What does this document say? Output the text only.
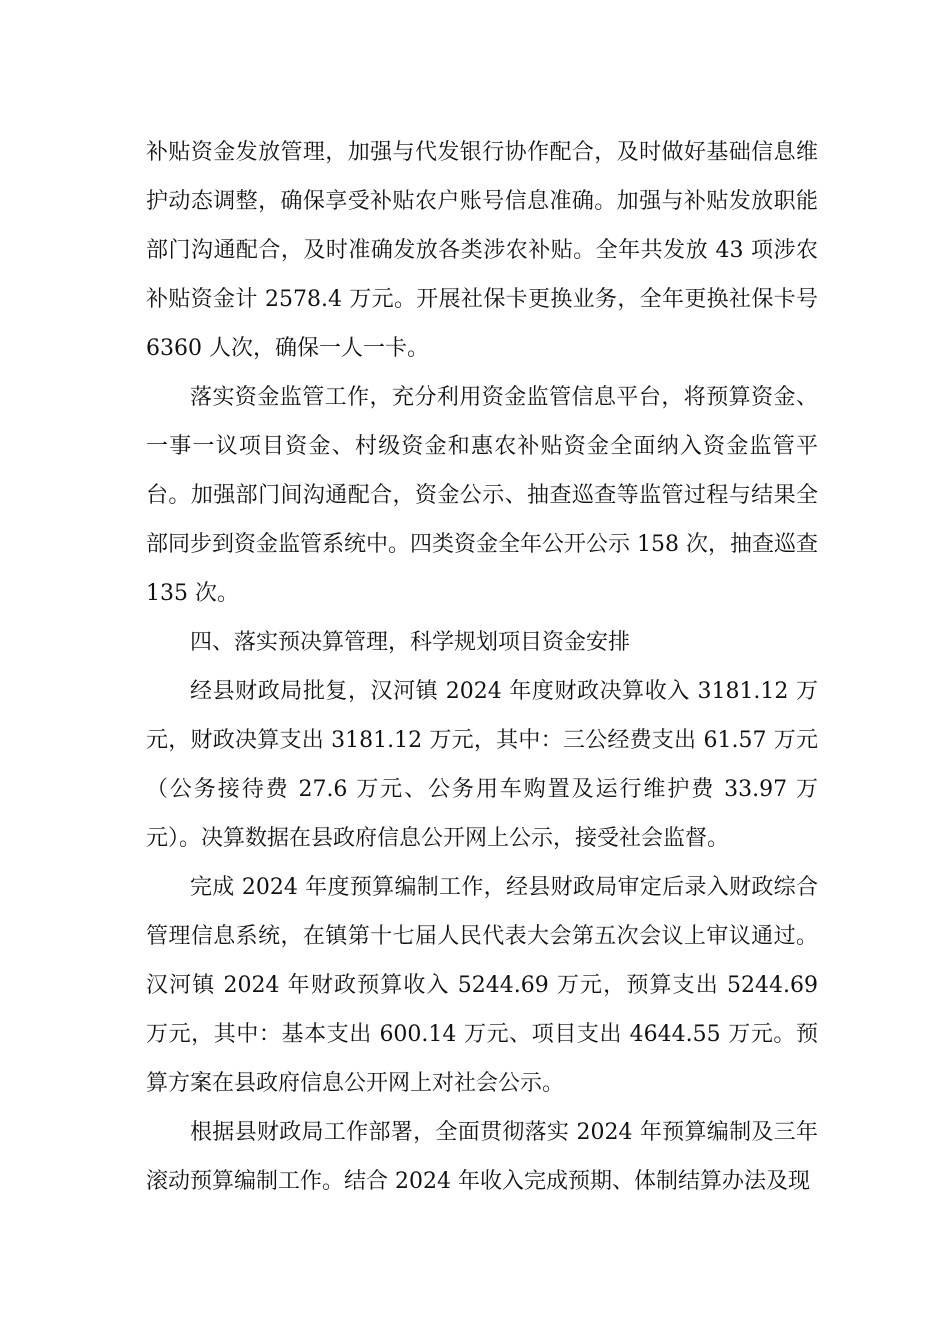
补贴资金发放管理，加强与代发银行协作配合，及时做好基础信息维护动态调整，确保享受补贴农户账号信息准确。加强与补贴发放职能部门沟通配合，及时准确发放各类涉农补贴。全年共发放 43 项涉农补贴资金计 2578.4 万元。开展社保卡更换业务，全年更换社保卡号 6360 人次，确保一人一卡。

落实资金监管工作，充分利用资金监管信息平台，将预算资金、一事一议项目资金、村级资金和惠农补贴资金全面纳入资金监管平台。加强部门间沟通配合，资金公示、抽查巡查等监管过程与结果全部同步到资金监管系统中。四类资金全年公开公示 158 次，抽查巡查 135 次。

四、落实预决算管理，科学规划项目资金安排

经县财政局批复，汉河镇 2024 年度财政决算收入 3181.12 万元，财政决算支出 3181.12 万元，其中：三公经费支出 61.57 万元（公务接待费 27.6 万元、公务用车购置及运行维护费 33.97 万元）。决算数据在县政府信息公开网上公示，接受社会监督。

完成 2024 年度预算编制工作，经县财政局审定后录入财政综合管理信息系统，在镇第十七届人民代表大会第五次会议上审议通过。汉河镇 2024 年财政预算收入 5244.69 万元，预算支出 5244.69 万元，其中：基本支出 600.14 万元、项目支出 4644.55 万元。预算方案在县政府信息公开网上对社会公示。

根据县财政局工作部署，全面贯彻落实 2024 年预算编制及三年滚动预算编制工作。结合 2024 年收入完成预期、体制结算办法及现
